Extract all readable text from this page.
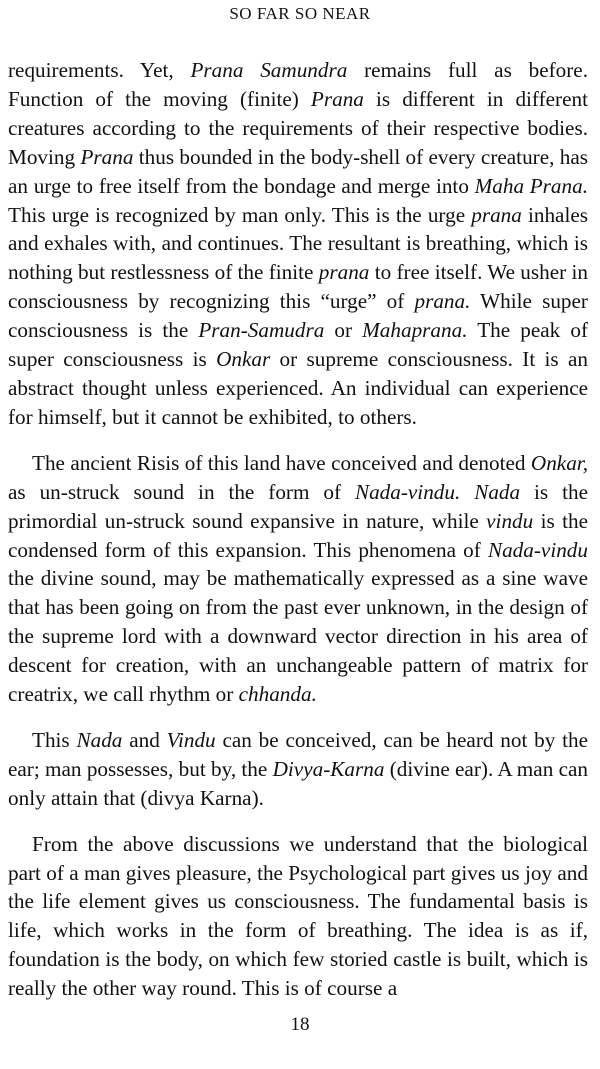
SO FAR SO NEAR

requirements. Yet, Prana Samundra remains full as before. Function of the moving (finite) Prana is different in different creatures according to the requirements of their respective bodies. Moving Prana thus bounded in the body-shell of every creature, has an urge to free itself from the bondage and merge into Maha Prana. This urge is recognized by man only. This is the urge prana inhales and exhales with, and continues. The resultant is breathing, which is nothing but restlessness of the finite prana to free itself. We usher in consciousness by recognizing this “urge” of prana. While super consciousness is the Pran-Samudra or Mahaprana. The peak of super consciousness is Onkar or supreme consciousness. It is an abstract thought unless experienced. An individual can experience for himself, but it cannot be exhibited, to others.

The ancient Risis of this land have conceived and denoted Onkar, as un-struck sound in the form of Nada-vindu. Nada is the primordial un-struck sound expansive in nature, while vindu is the condensed form of this expansion. This phenomena of Nada-vindu the divine sound, may be mathematically expressed as a sine wave that has been going on from the past ever unknown, in the design of the supreme lord with a downward vector direction in his area of descent for creation, with an unchangeable pattern of matrix for creatrix, we call rhythm or chhanda.

This Nada and Vindu can be conceived, can be heard not by the ear; man possesses, but by, the Divya-Karna (divine ear). A man can only attain that (divya Karna).

From the above discussions we understand that the biological part of a man gives pleasure, the Psychological part gives us joy and the life element gives us consciousness. The fundamental basis is life, which works in the form of breathing. The idea is as if, foundation is the body, on which few storied castle is built, which is really the other way round. This is of course a

18
